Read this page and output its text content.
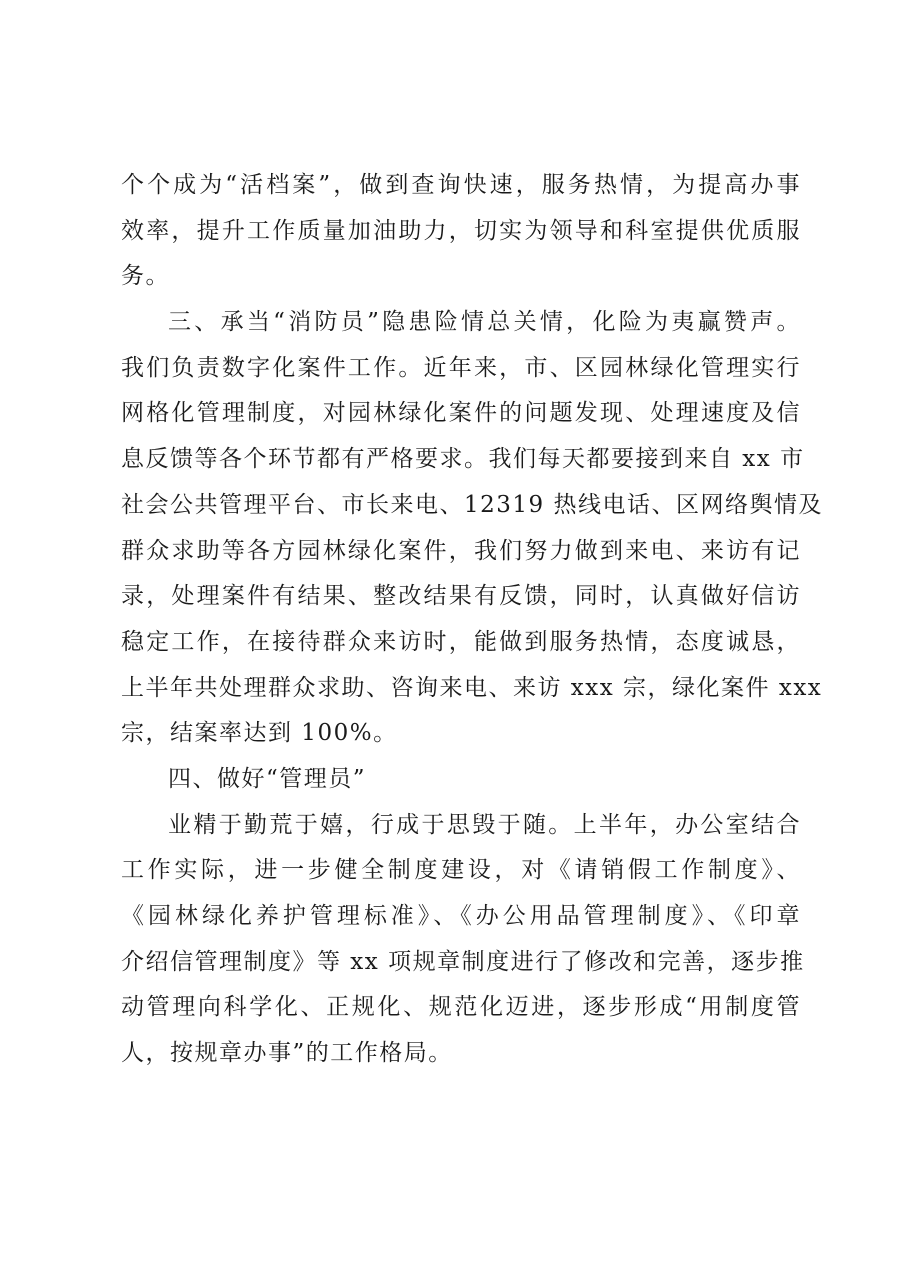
个个成为“活档案”，做到查询快速，服务热情，为提高办事
效率，提升工作质量加油助力，切实为领导和科室提供优质服
务。
三、承当“消防员”隐患险情总关情，化险为夷赢赞声。
我们负责数字化案件工作。近年来，市、区园林绿化管理实行
网格化管理制度，对园林绿化案件的问题发现、处理速度及信
息反馈等各个环节都有严格要求。我们每天都要接到来自 xx 市
社会公共管理平台、市长来电、12319 热线电话、区网络舆情及
群众求助等各方园林绿化案件，我们努力做到来电、来访有记
录，处理案件有结果、整改结果有反馈，同时，认真做好信访
稳定工作，在接待群众来访时，能做到服务热情，态度诚恳，
上半年共处理群众求助、咨询来电、来访 xxx 宗，绿化案件 xxx
宗，结案率达到 100%。
四、做好“管理员”
业精于勤荒于嬉，行成于思毁于随。上半年，办公室结合
工作实际，进一步健全制度建设，对《请销假工作制度》、
《园林绿化养护管理标准》、《办公用品管理制度》、《印章
介绍信管理制度》等 xx 项规章制度进行了修改和完善，逐步推
动管理向科学化、正规化、规范化迈进，逐步形成“用制度管
人，按规章办事”的工作格局。
